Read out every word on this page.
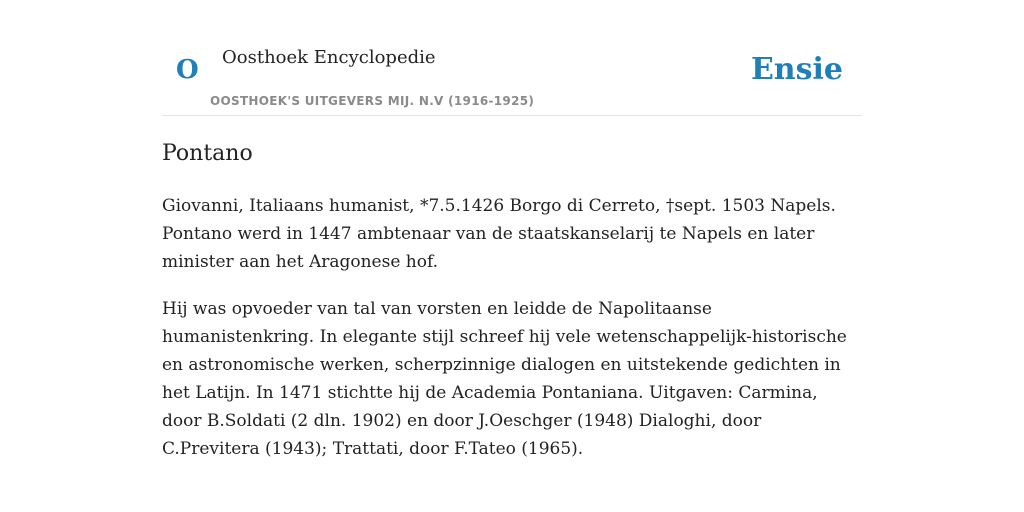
O Oosthoek Encyclopedie
OOSTHOEK'S UITGEVERS MIJ. N.V (1916-1925)
Ensie
Pontano

Giovanni, Italiaans humanist, *7.5.1426 Borgo di Cerreto, †sept. 1503 Napels. Pontano werd in 1447 ambtenaar van de staatskanselarij te Napels en later minister aan het Aragonese hof.

Hij was opvoeder van tal van vorsten en leidde de Napolitaanse humanistenkring. In elegante stijl schreef hij vele wetenschappelijk-historische en astronomische werken, scherpzinnige dialogen en uitstekende gedichten in het Latijn. In 1471 stichtte hij de Academia Pontaniana. Uitgaven: Carmina, door B.Soldati (2 dln. 1902) en door J.Oeschger (1948) Dialoghi, door C.Previtera (1943); Trattati, door F.Tateo (1965).
